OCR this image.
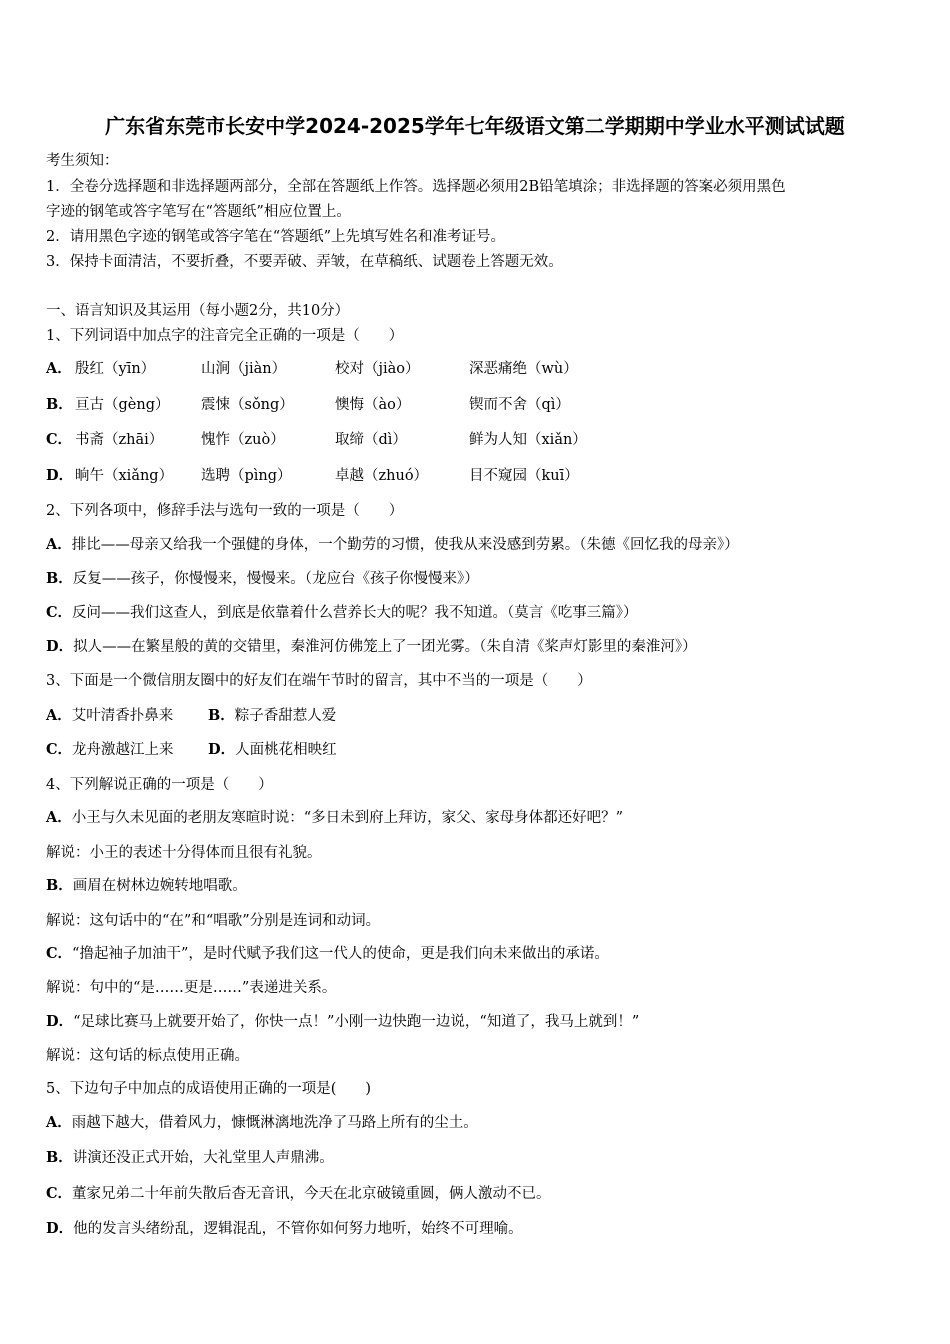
广东省东莞市长安中学2024-2025学年七年级语文第二学期期中学业水平测试试题
考生须知：
1．全卷分选择题和非选择题两部分，全部在答题纸上作答。选择题必须用2B铅笔填涂；非选择题的答案必须用黑色
字迹的钢笔或答字笔写在“答题纸”相应位置上。
2．请用黑色字迹的钢笔或答字笔在“答题纸”上先填写姓名和准考证号。
3．保持卡面清洁，不要折叠，不要弄破、弄皱，在草稿纸、试题卷上答题无效。
一、语言知识及其运用（每小题2分，共10分）
1、下列词语中加点字的注音完全正确的一项是（　　）
A． 殷红（yīn）	山涧（jiàn）	校对（jiào）	深恶痛绝（wù）
B． 亘古（gèng） 震悚（sǒng）	懊悔（ào）	锲而不舍（qì）
C． 书斋（zhāi）	愧怍（zuò）	取缔（dì）	鲜为人知（xiǎn）
D． 晌午（xiǎng） 选聘（pìng）	卓越（zhuó）	目不窥园（kuī）
2、下列各项中，修辞手法与选句一致的一项是（　　）
A．排比——母亲又给我一个强健的身体，一个勤劳的习惯，使我从来没感到劳累。（朱德《回忆我的母亲》）
B．反复——孩子，你慢慢来，慢慢来。（龙应台《孩子你慢慢来》）
C．反问——我们这查人，到底是依靠着什么营养长大的呢？我不知道。（莫言《吃事三篇》）
D．拟人——在繁星般的黄的交错里，秦淮河仿佛笼上了一团光雾。（朱自清《桨声灯影里的秦淮河》）
3、下面是一个微信朋友圈中的好友们在端午节时的留言，其中不当的一项是（　　）
A．艾叶清香扑鼻来 B．粽子香甜惹人爱
C．龙舟激越江上来 D．人面桃花相映红
4、下列解说正确的一项是（　　）
A．小王与久未见面的老朋友寒暄时说：“多日未到府上拜访，家父、家母身体都还好吧？”
解说：小王的表述十分得体而且很有礼貌。
B．画眉在树林边婉转地唱歌。
解说：这句话中的“在”和“唱歌”分别是连词和动词。
C．“撸起袖子加油干”，是时代赋予我们这一代人的使命，更是我们向未来做出的承诺。
解说：句中的“是……更是……”表递进关系。
D．“足球比赛马上就要开始了，你快一点！”小刚一边快跑一边说，“知道了，我马上就到！”
解说：这句话的标点使用正确。
5、下边句子中加点的成语使用正确的一项是(　　)
A．雨越下越大，借着风力，慷慨淋漓地洗净了马路上所有的尘土。
B．讲演还没正式开始，大礼堂里人声鼎沸。
C．董家兄弟二十年前失散后杳无音讯，今天在北京破镜重圆，俩人激动不已。
D．他的发言头绪纷乱，逻辑混乱，不管你如何努力地听，始终不可理喻。
